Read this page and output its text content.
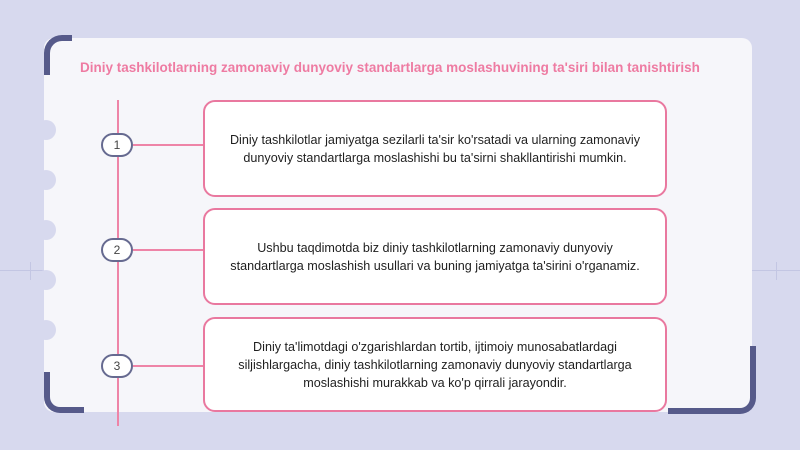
Diniy tashkilotlarning zamonaviy dunyoviy standartlarga moslashuvining ta'siri bilan tanishtirish
1	Diniy tashkilotlar jamiyatga sezilarli ta'sir ko'rsatadi va ularning zamonaviy dunyoviy standartlarga moslashishi bu ta'sirni shakllantirishi mumkin.
2	Ushbu taqdimotda biz diniy tashkilotlarning zamonaviy dunyoviy standartlarga moslashish usullari va buning jamiyatga ta'sirini o'rganamiz.
3
Diniy ta'limotdagi o'zgarishlardan tortib, ijtimoiy munosabatlardagi siljishlargacha, diniy tashkilotlarning zamonaviy dunyoviy standartlarga moslashishi murakkab va ko'p qirrali jarayondir.
